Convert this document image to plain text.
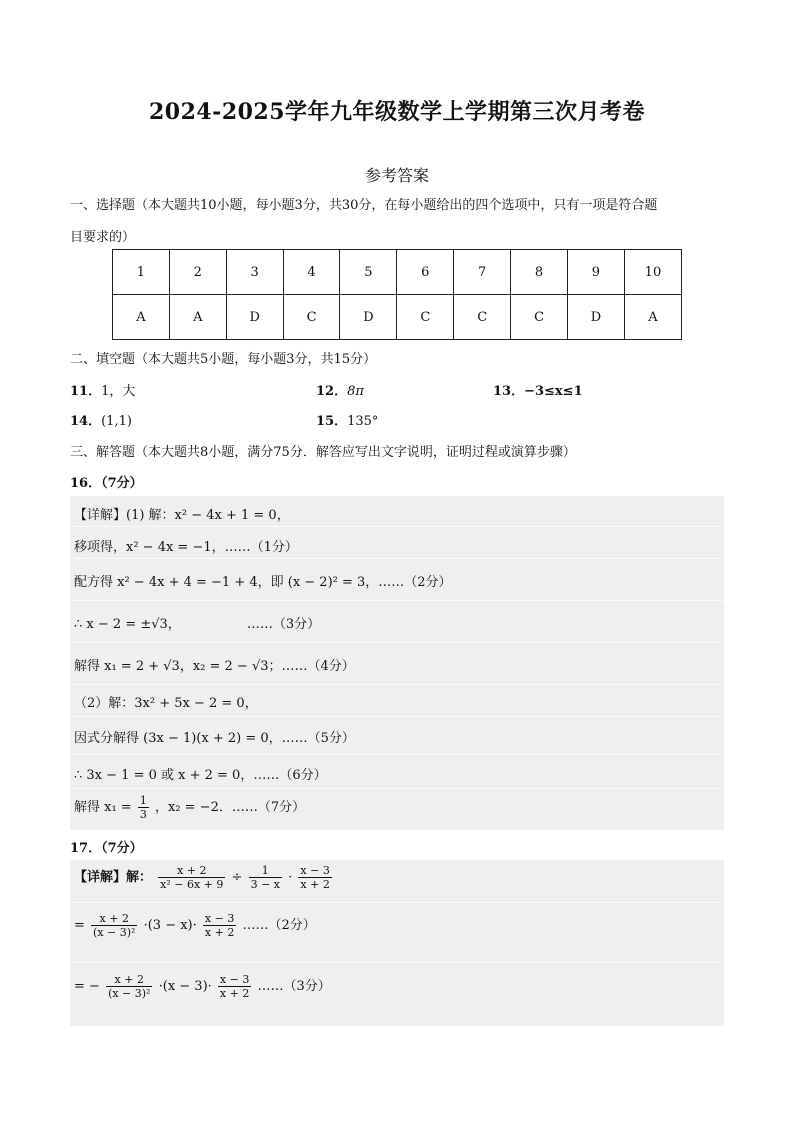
2024-2025学年九年级数学上学期第三次月考卷
参考答案
一、选择题（本大题共10小题，每小题3分，共30分，在每小题给出的四个选项中，只有一项是符合题
目要求的）
1	2	3	4	5	6	7	8	9	10
A	A	D	C	D	C	C	C	D	A
二、填空题（本大题共5小题，每小题3分，共15分）
11．1，大	12．8π	13．−3≤x≤1
14．(1,1)	15．135°
三、解答题（本大题共8小题，满分75分．解答应写出文字说明，证明过程或演算步骤）
16．（7分）
【详解】(1) 解：x² − 4x + 1 = 0，
移项得，x² − 4x = −1，……（1分）
配方得 x² − 4x + 4 = −1 + 4，即 (x − 2)² = 3，……（2分）
∴ x − 2 = ±√3，                ……（3分）
解得 x₁ = 2 + √3，x₂ = 2 − √3；……（4分）
（2）解：3x² + 5x − 2 = 0，
因式分解得 (3x − 1)(x + 2) = 0，……（5分）
∴ 3x − 1 = 0 或 x + 2 = 0，……（6分）
解得 $x_1 = \frac{1}{3}$ ，x₂ = −2．……（7分）
17．（7分）
【详解】解： $\frac{x + 2}{\text{x² − 6x + 9}} \div \frac{1}{3 - x} \cdot \frac{x - 3}{x + 2}$
= $\frac{x + 2}{\text{(x − 3)²}} \cdot(3 - x)\cdot \frac{x - 3}{x + 2}$ ……（2分）
= − $\frac{x + 2}{\text{(x − 3)²}} \cdot(x - 3)\cdot \frac{x - 3}{x + 2}$ ……（3分）
